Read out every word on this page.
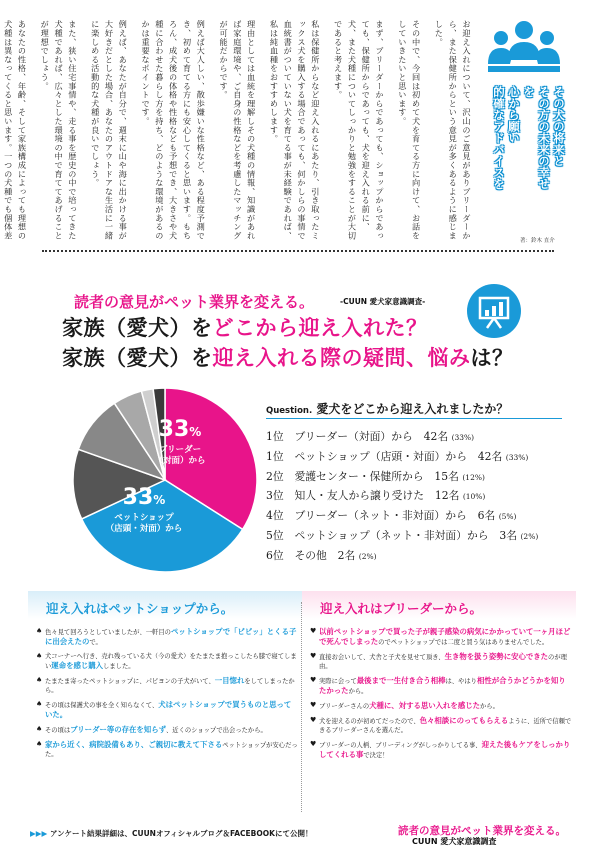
お迎え入れについて、沢山のご意見がありブリーダーから、また保健所からという意見が多くあるように感じました。

その中で、今回は初めて犬を育てる方に向けて、お話をしていきたいと思います。

まず、ブリーダーからであっても、ショップからであっても、保健所からであっても、犬を迎え入れる前に、犬、また犬種についてしっかりと勉強をすることが大切であると考えます。

私は保健所からなど迎え入れるにあたり、引き取ったミックス犬を購入する場合であっても、何かしらの事情で血統書がついていない犬を育てる事が未経験であれば、私は純血種をおすすめします。

理由としては血統を理解しその犬種の情報、知識があれば家庭環境や、ご自身の性格などを考慮したマッチングが可能だからです。

例えば大人しい、散歩嫌いな性格など、ある程度予測でき、初めて育てる方にも安心してくると思います。もちろん、成犬後の体格や性格なども予想でき、大きさや犬種に合わせた暮らし方を持ち、どのような環境があるのかは重要なポイントです。

例えば、あなたが自分で、週末に山や海に出かける事が大好きだとした場合、あなたのアウトドアな生活に一緒に楽しめる活動的な犬種が良いでしょう。

また、狭い住宅事情や、走る事を歴史の中で培ってきた犬種であれば、広々とした環境の中で育ててあげることが理想でしょう。

あなたの性格、年齢、そして家族構成によっても理想の犬種は異なってくると思います。一つの犬種でも個体差

その犬の将来と
その方の未来の幸せを
心から願い
的確なアドバイスを
著：鈴木 直介
読者の意見がペット業界を変える。	-CUUN 愛犬家意識調査-
家族（愛犬）をどこから迎え入れた？
家族（愛犬）を迎え入れる際の疑問、悩みは？
33%
ブリーダー
（対面）から
33%
ペットショップ
（店頭・対面）から
Question. 愛犬をどこから迎え入れましたか？
1位　 ブリーダー（対面）から　42名 (33%)
1位　 ペットショップ（店頭・対面）から　42名 (33%)
2位　 愛護センター・保健所から　15名 (12%)
3位　 知人・友人から譲り受けた　12名 (10%)
4位　 ブリーダー（ネット・非対面）から　6名 (5%)
5位　 ペットショップ（ネット・非対面）から　3名 (2%)
6位　 その他　2名 (2%)
迎え入れはペットショップから。
♠ 色々見て回ろうとしていましたが、一軒目のペットショップで「ビビッ」とくる子に出会えたので。
♠ 犬コーナーへ行き、売れ残っている犬（今の愛犬）をたまたま抱っこしたら膝で寝てしまい運命を感じ購入しました。
♠ たまたま寄ったペットショップに、パピヨンの子犬がいて、一目惚れをしてしまったから。
♠ その頃は保護犬の事を全く知らなくて、犬はペットショップで買うものと思っていた。
♠ その頃はブリーダー等の存在を知らず、近くのショップで出会ったから。
♠ 家から近く、病院設備もあり、ご親切に教えて下さるペットショップが安心だった。
迎え入れはブリーダーから。
♥ 以前ペットショップで買った子が親子感染の病気にかかっていて一ヶ月ほどで死んでしまったのでペットショップでは二度と買う気はありませんでした。
♥ 直接お会いして、犬舎と子犬を見せて頂き、生き物を扱う姿勢に安心できたのが理由。
♥ 実際に会って最後まで一生付き合う相棒は、やはり相性が合うかどうかを知りたかったから。
♥ ブリーダーさんの犬種に、対する思い入れを感じたから。
♥ 犬を迎えるのが初めてだったので、色々相談にのってもらえるように、近所で信頼できるブリーダーさんを選んだ。
♥ ブリーダーの人柄、ブリーディングがしっかりしてる事、迎えた後もケアをしっかりしてくれる事で決定！
▶▶▶ アンケート結果詳細は、CUUNオフィシャルブログ＆FACEBOOKにて公開！	読者の意見がペット業界を変える。
CUUN 愛犬家意識調査
